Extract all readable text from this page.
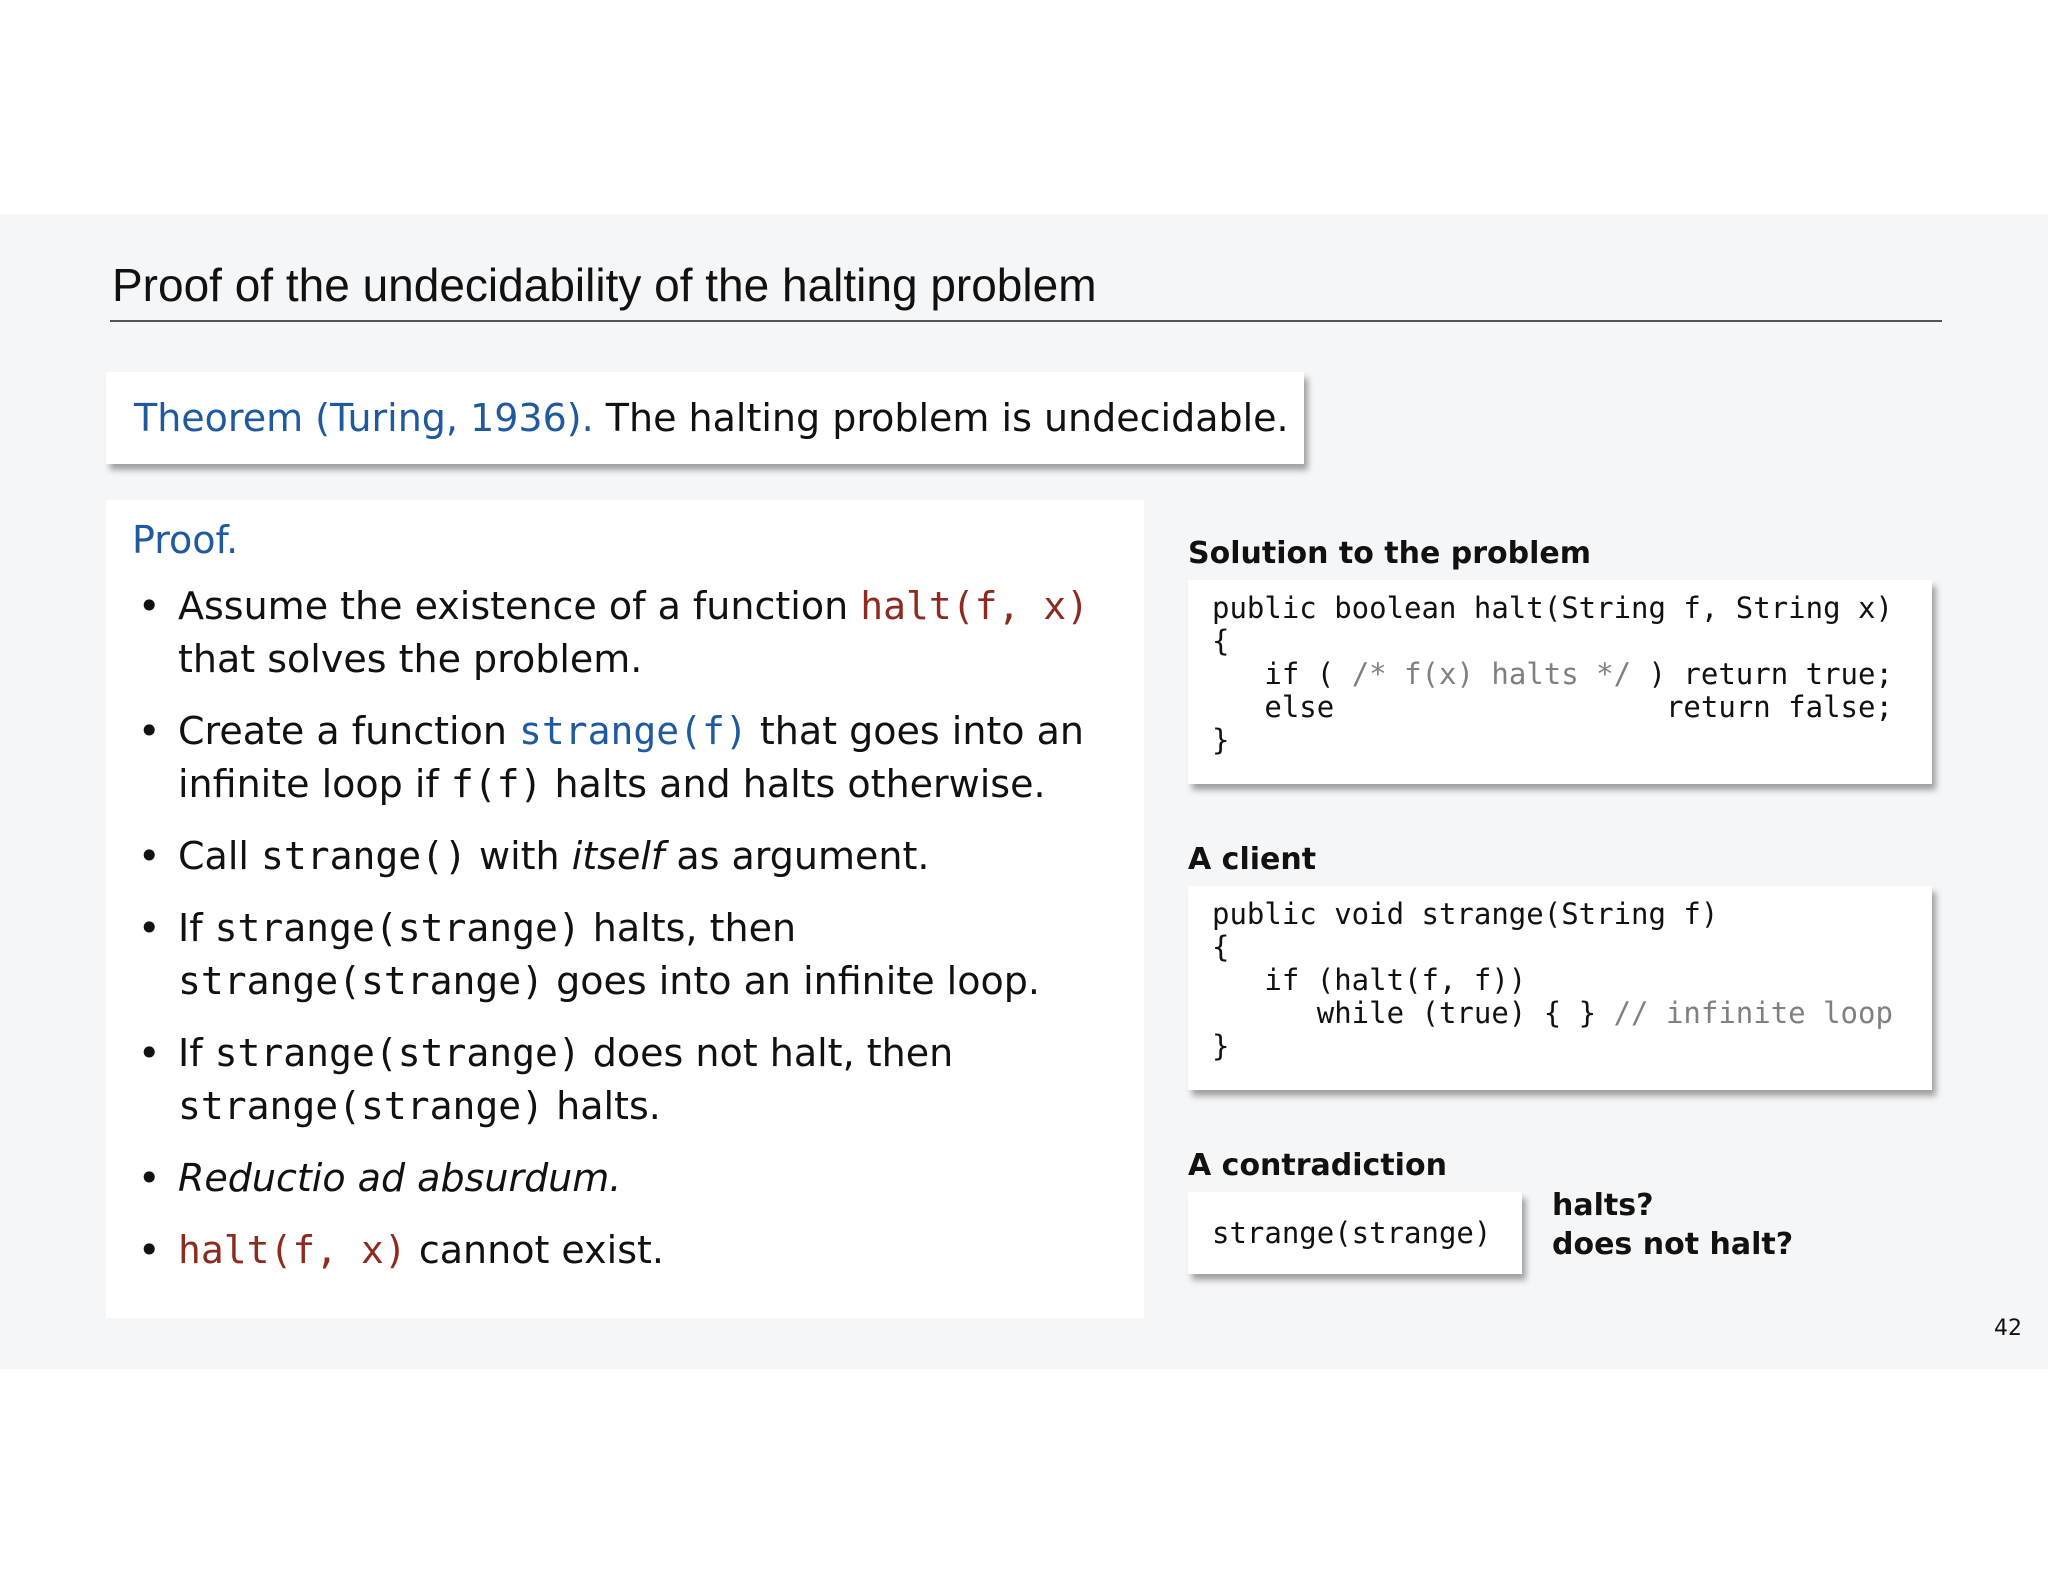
Proof of the undecidability of the halting problem
Theorem (Turing, 1936).
The halting problem is undecidable.
Proof.
• Assume the existence of a function halt(f, x) that solves the problem.
• Create a function strange(f) that goes into an infinite loop if f(f) halts and halts otherwise.
• Call strange() with itself as argument.
• If strange(strange) halts, then strange(strange) goes into an infinite loop.
• If strange(strange) does not halt, then strange(strange) halts.
• Reductio ad absurdum.
• halt(f, x) cannot exist.
Solution to the problem
public boolean halt(String f, String x)
{
if ( /* f(x) halts */ ) return true;
else                   return false;
}
A client
public void strange(String f)
{
if (halt(f, f))
while (true) { } // infinite loop
}
A contradiction
strange(strange)
halts?
does not halt?
42
